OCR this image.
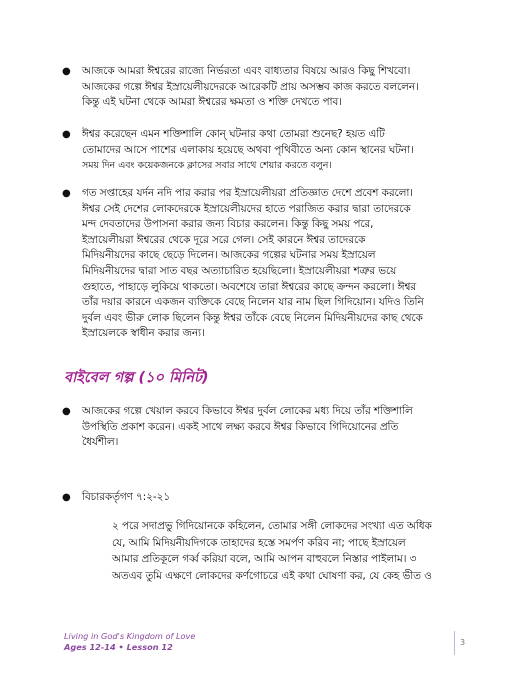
● আজকে আমরা ঈশ্বরের রাজ্যে নির্ভরতা এবং বাধ্যতার বিষয়ে আরও কিছু শিখবো।
আজকের গল্পে ঈশ্বর ইস্রায়েলীয়দেরকে আরেকটি প্রায় অসম্ভব কাজ করতে বললেন।
কিন্তু এই ঘটনা থেকে আমরা ঈশ্বরের ক্ষমতা ও শক্তি দেখতে পাব।
● ঈশ্বর করেছেন এমন শক্তিশালি কোন্ ঘটনার কথা তোমরা শুনেছ? হয়ত এটি
তোমাদের আসে পাশের এলাকায় হয়েছে অথবা পৃথিবীতে অন্য কোন স্থানের ঘটনা।
সময় দিন এবং কয়েকজনকে ক্লাসের সবার সাথে শেয়ার করতে বলুন।
● গত সপ্তাহের যর্দন নদি পার করার পর ইস্রায়েলীয়রা প্রতিজ্ঞাত দেশে প্রবেশ করলো।
ঈশ্বর সেই দেশের লোকদেরকে ইস্রায়েলীয়দের হাতে পরাজিত করার দ্বারা তাদেরকে
মন্দ দেবতাদের উপাসনা করার জন্য বিচার করলেন। কিন্তু কিছু সময় পরে,
ইস্রায়েলীয়রা ঈশ্বরের থেকে দূরে সরে গেল। সেই কারনে ঈশ্বর তাদেরকে
মিদিয়নীয়দের কাছে ছেড়ে দিলেন। আজকের গল্পের ঘটনার সময় ইস্রায়েল
মিদিয়নীয়দের দ্বারা সাত বছর অত্যাচারিত হয়েছিলো। ইস্রায়েলীয়রা শত্রুর ভয়ে
গুহাতে, পাহাড়ে লুকিয়ে থাকতো। অবশেষে তারা ঈশ্বরের কাছে ক্রন্দন করলো। ঈশ্বর
তাঁর দয়ার কারনে একজন ব্যক্তিকে বেছে নিলেন যার নাম ছিল গিদিয়োন। যদিও তিনি
দুর্বল এবং ভীরু লোক ছিলেন কিন্তু ঈশ্বর তাঁকে বেছে নিলেন মিদিয়নীয়দের কাছ থেকে
ইস্রায়েলকে স্বাধীন করার জন্য।
বাইবেল গল্প (১০ মিনিট)
● আজকের গল্পে খেয়াল করবে কিভাবে ঈশ্বর দুর্বল লোকের মধ্য দিয়ে তাঁর শক্তিশালি
উপস্থিতি প্রকাশ করেন। একই সাথে লক্ষ্য করবে ঈশ্বর কিভাবে গিদিয়োনের প্রতি
ধৈর্যশীল।
● বিচারকর্তৃগণ ৭:২-২১

২ পরে সদাপ্রভু গিদিয়োনকে কহিলেন, তোমার সঙ্গী লোকদের সংখ্যা এত অধিক
যে, আমি মিদিয়নীয়দিগকে তাহাদের হস্তে সমর্পণ করিব না; পাছে ইস্রায়েল
আমার প্রতিকূলে গর্ব্ব করিয়া বলে, আমি আপন বাহুবলে নিস্তার পাইলাম। ৩
অতএব তুমি এক্ষণে লোকদের কর্ণগোচরে এই কথা ঘোষণা কর, যে কেহ ভীত ও

Living in God's Kingdom of Love
Ages 12-14 • Lesson 12	3
